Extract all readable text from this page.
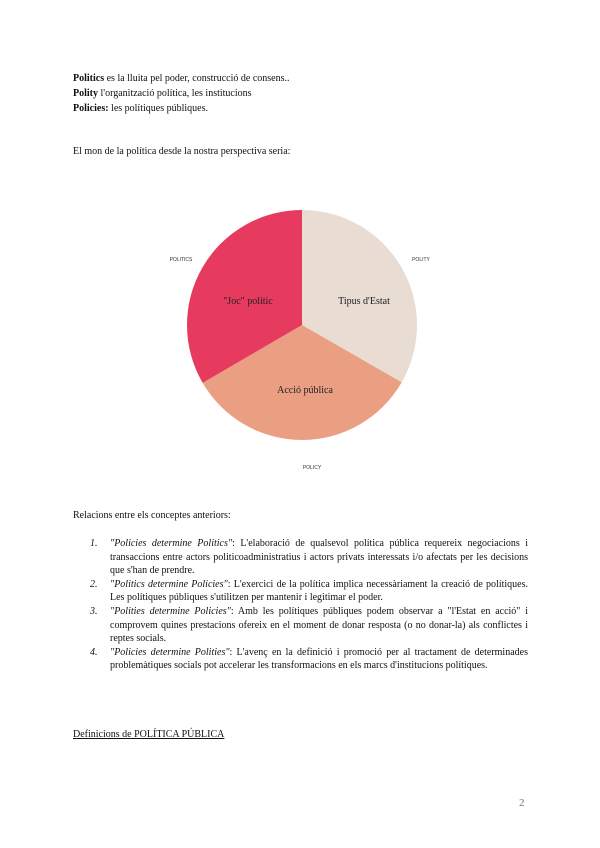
Politics es la lluita pel poder, construcció de consens..

Polity l'organització política, les institucions

Policies: les polítiques públiques.

El mon de la política desde la nostra perspectiva seria:

Tipus d'Estat
POLITY
Acció pública
POLICY
"Joc" polític
POLITICS

Relacions entre els conceptes anteriors:

1. "Policies determine Politics": L'elaboració de qualsevol política pública requereix negociacions i transaccions entre actors politicoadministratius i actors privats interessats i/o afectats per les decisions que s'han de prendre.
2. "Politics determine Policies": L'exercici de la política implica necessàriament la creació de polítiques. Les polítiques públiques s'utilitzen per mantenir i legitimar el poder.
3. "Polities determine Policies": Amb les polítiques públiques podem observar a "l'Estat en acció" i comprovem quines prestacions ofereix en el moment de donar resposta (o no donar-la) als conflictes i reptes socials.
4. "Policies determine Polities": L'avenç en la definició i promoció per al tractament de determinades problemàtiques socials pot accelerar les transformacions en els marcs d'institucions polítiques.

Definicions de POLÍTICA PÚBLICA

2
